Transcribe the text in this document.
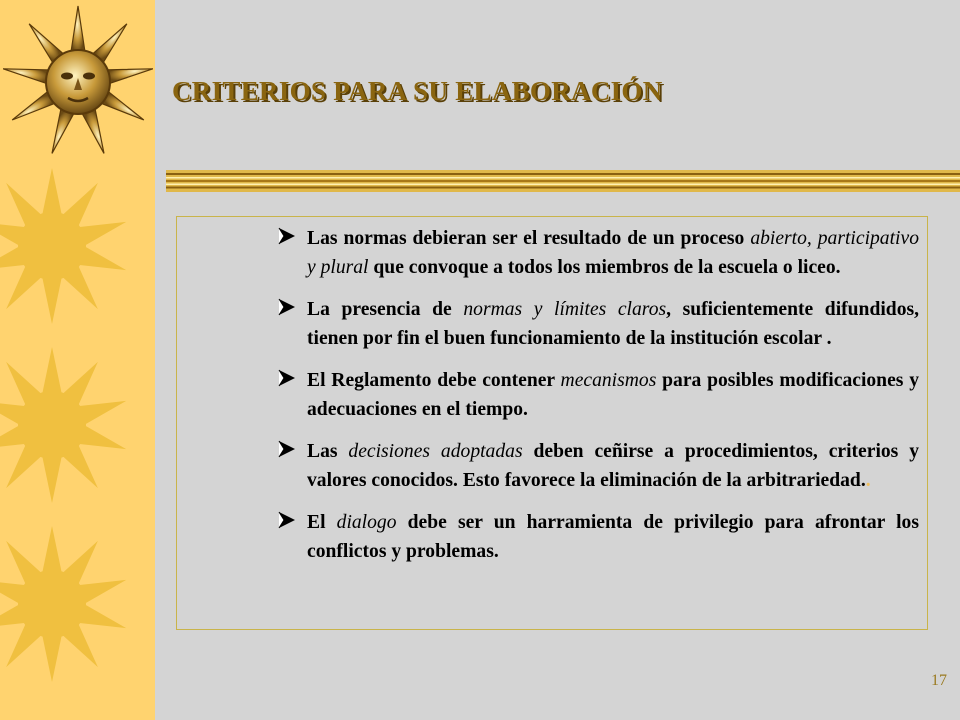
CRITERIOS PARA SU ELABORACIÓN
Las normas debieran ser el resultado de un proceso abierto, participativo y plural que convoque a todos los miembros de la escuela o liceo.
La presencia de normas y límites claros, suficientemente difundidos, tienen por fin el buen funcionamiento de la institución escolar .
El Reglamento debe contener mecanismos para posibles modificaciones y adecuaciones en el tiempo.
Las decisiones adoptadas deben ceñirse a procedimientos, criterios y valores conocidos. Esto favorece la eliminación de la arbitrariedad..
El dialogo debe ser un harramienta de privilegio para afrontar los conflictos y problemas.
17
